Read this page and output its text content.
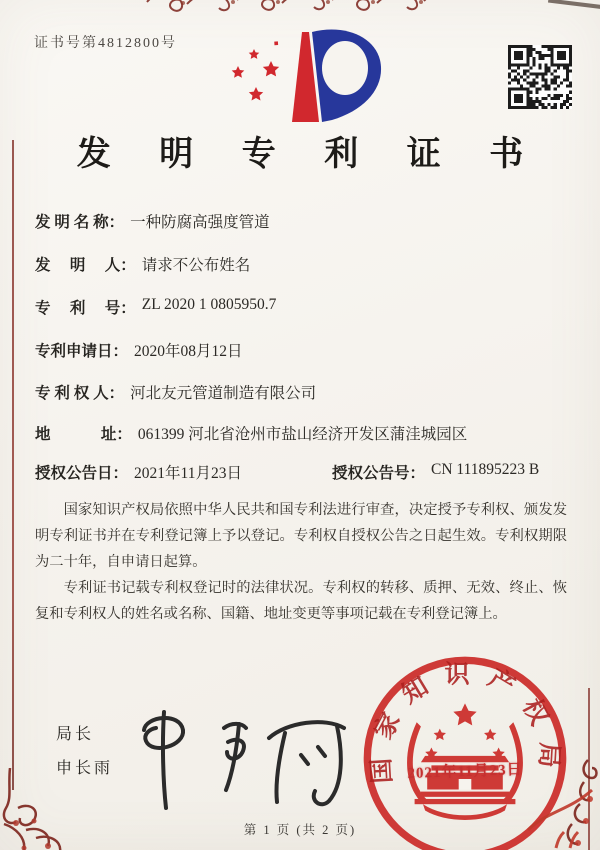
证书号第4812800号
发 明 专 利 证 书
发 明 名 称： 一种防腐高强度管道
发　 明　 人： 请求不公布姓名
专　 利　 号： ZL 2020 1 0805950.7
专利申请日： 2020年08月12日
专 利 权 人： 河北友元管道制造有限公司
地　　　 址： 061399 河北省沧州市盐山经济开发区蒲洼城园区
授权公告日： 2021年11月23日	授权公告号： CN 111895223 B

国家知识产权局依照中华人民共和国专利法进行审查，决定授予专利权、颁发发明专利证书并在专利登记簿上予以登记。专利权自授权公告之日起生效。专利权期限为二十年，自申请日起算。

专利证书记载专利权登记时的法律状况。专利权的转移、质押、无效、终止、恢复和专利权人的姓名或名称、国籍、地址变更等事项记载在专利登记簿上。

局长
申长雨	国家知识产权局
2021年11月23日
第 1 页 (共 2 页)
